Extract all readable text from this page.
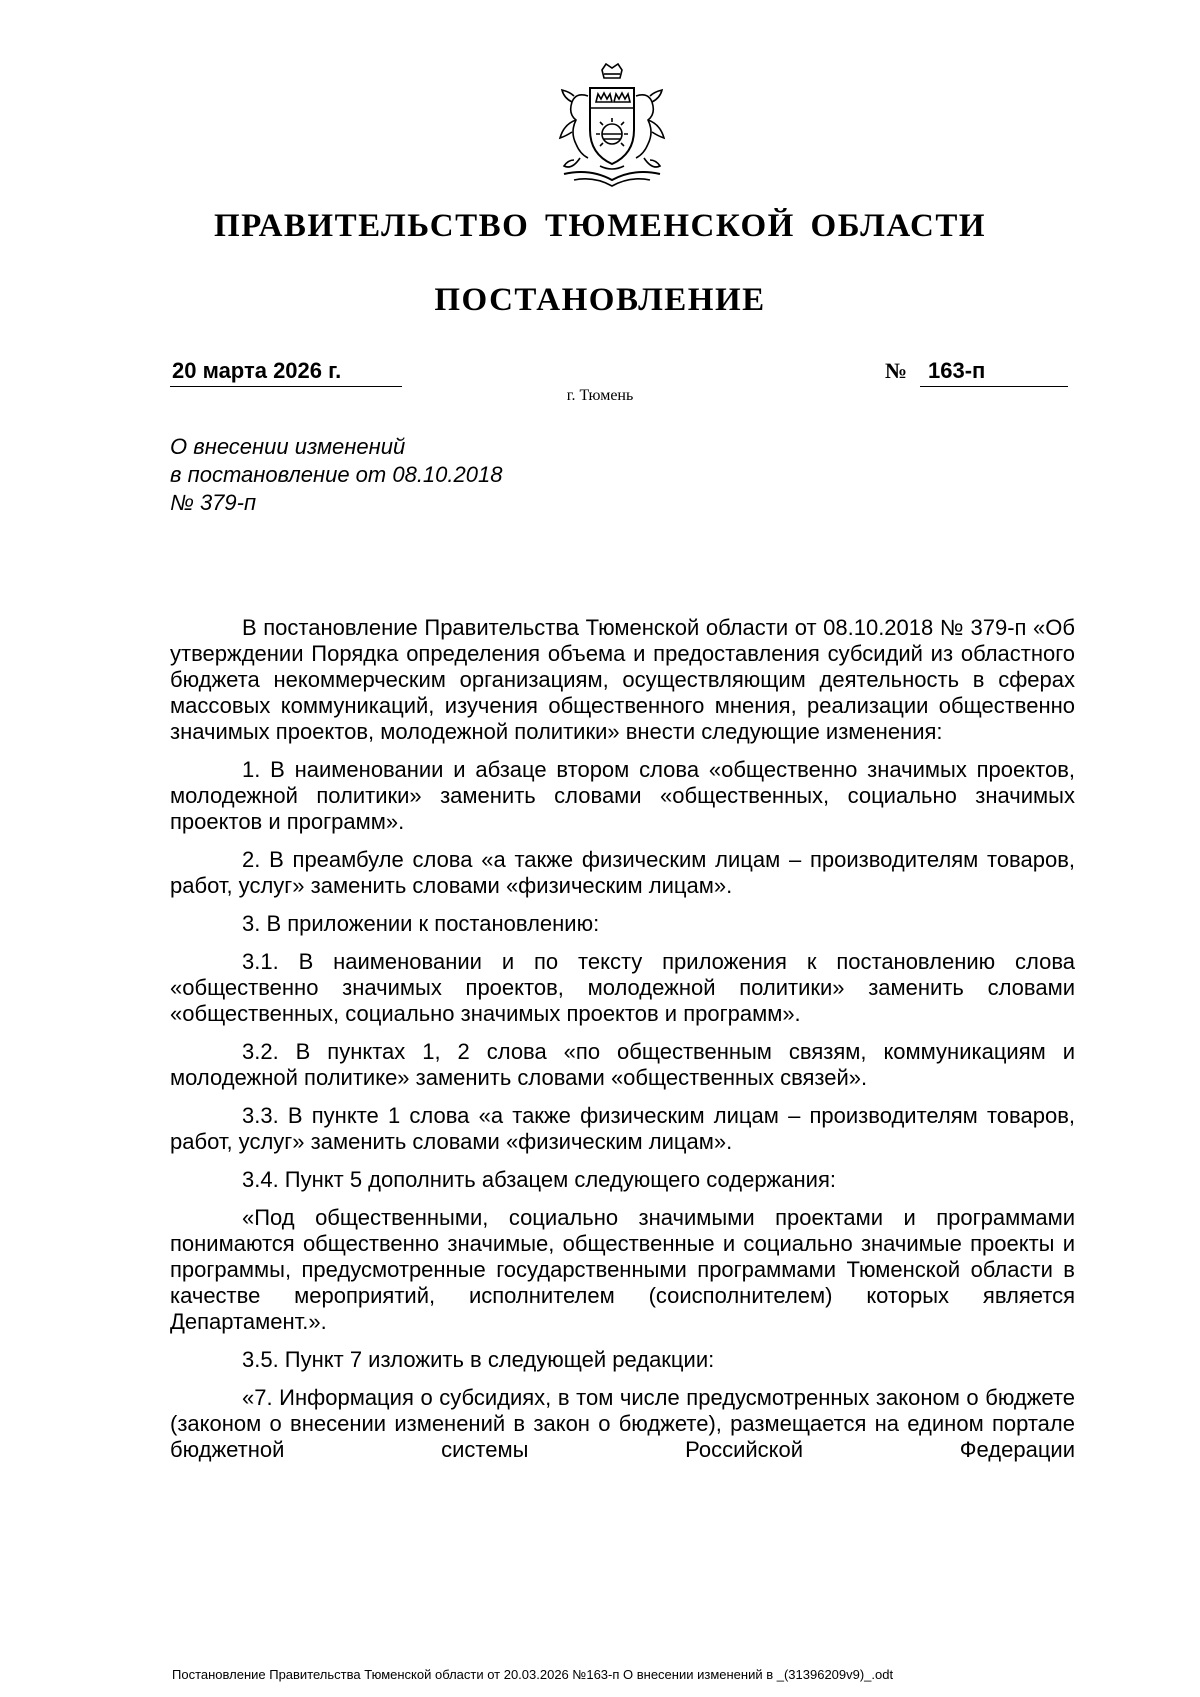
ПРАВИТЕЛЬСТВО ТЮМЕНСКОЙ ОБЛАСТИ
ПОСТАНОВЛЕНИЕ
20 марта 2026 г.	№ 163-п
г. Тюмень
О внесении изменений
в постановление от 08.10.2018
№ 379-п

В постановление Правительства Тюменской области от 08.10.2018 № 379-п «Об утверждении Порядка определения объема и предоставления субсидий из областного бюджета некоммерческим организациям, осуществляющим деятельность в сферах массовых коммуникаций, изучения общественного мнения, реализации общественно значимых проектов, молодежной политики» внести следующие изменения:

1. В наименовании и абзаце втором слова «общественно значимых проектов, молодежной политики» заменить словами «общественных, социально значимых проектов и программ».

2. В преамбуле слова «а также физическим лицам – производителям товаров, работ, услуг» заменить словами «физическим лицам».

3. В приложении к постановлению:

3.1. В наименовании и по тексту приложения к постановлению слова «общественно значимых проектов, молодежной политики» заменить словами «общественных, социально значимых проектов и программ».

3.2. В пунктах 1, 2 слова «по общественным связям, коммуникациям и молодежной политике» заменить словами «общественных связей».

3.3. В пункте 1 слова «а также физическим лицам – производителям товаров, работ, услуг» заменить словами «физическим лицам».

3.4. Пункт 5 дополнить абзацем следующего содержания:

«Под общественными, социально значимыми проектами и программами понимаются общественно значимые, общественные и социально значимые проекты и программы, предусмотренные государственными программами Тюменской области в качестве мероприятий, исполнителем (соисполнителем) которых является Департамент.».

3.5. Пункт 7 изложить в следующей редакции:

«7. Информация о субсидиях, в том числе предусмотренных законом о бюджете (законом о внесении изменений в закон о бюджете), размещается на едином портале бюджетной системы Российской Федерации

Постановление Правительства Тюменской области от 20.03.2026 №163-п О внесении изменений в _(31396209v9)_.odt
